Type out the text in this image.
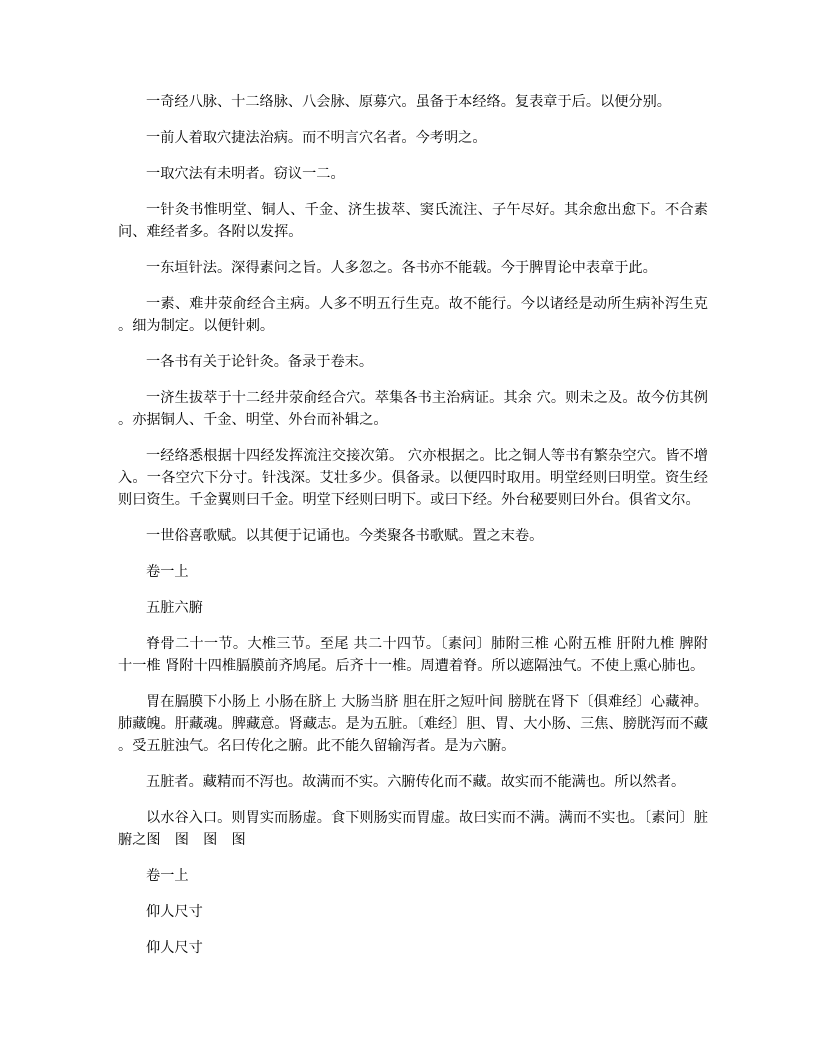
一奇经八脉、十二络脉、八会脉、原募穴。虽备于本经络。复表章于后。以便分别。

一前人着取穴捷法治病。而不明言穴名者。今考明之。

一取穴法有未明者。窃议一二。

一针灸书惟明堂、铜人、千金、济生拔萃、窦氏流注、子午尽好。其余愈出愈下。不合素问、难经者多。各附以发挥。

一东垣针法。深得素问之旨。人多忽之。各书亦不能载。今于脾胃论中表章于此。

一素、难井荥俞经合主病。人多不明五行生克。故不能行。今以诸经是动所生病补泻生克。细为制定。以便针刺。

一各书有关于论针灸。备录于卷末。

一济生拔萃于十二经井荥俞经合穴。萃集各书主治病证。其余 穴。则未之及。故今仿其例。亦据铜人、千金、明堂、外台而补辑之。

一经络悉根据十四经发挥流注交接次第。 穴亦根据之。比之铜人等书有繁杂空穴。皆不增入。一各空穴下分寸。针浅深。艾壮多少。俱备录。以便四时取用。明堂经则曰明堂。资生经则曰资生。千金翼则曰千金。明堂下经则曰明下。或曰下经。外台秘要则曰外台。俱省文尔。

一世俗喜歌赋。以其便于记诵也。今类聚各书歌赋。置之末卷。

卷一上

五脏六腑

脊骨二十一节。大椎三节。至尾 共二十四节。〔素问〕肺附三椎 心附五椎 肝附九椎 脾附十一椎 肾附十四椎膈膜前齐鸠尾。后齐十一椎。周遭着脊。所以遮隔浊气。不使上熏心肺也。

胃在膈膜下小肠上 小肠在脐上 大肠当脐 胆在肝之短叶间 膀胱在肾下〔俱难经〕心藏神。肺藏魄。肝藏魂。脾藏意。肾藏志。是为五脏。〔难经〕胆、胃、大小肠、三焦、膀胱泻而不藏。受五脏浊气。名曰传化之腑。此不能久留输泻者。是为六腑。

五脏者。藏精而不泻也。故满而不实。六腑传化而不藏。故实而不能满也。所以然者。

以水谷入口。则胃实而肠虚。食下则肠实而胃虚。故曰实而不满。满而不实也。〔素问〕脏腑之图　图　图　图

卷一上

仰人尺寸

仰人尺寸
